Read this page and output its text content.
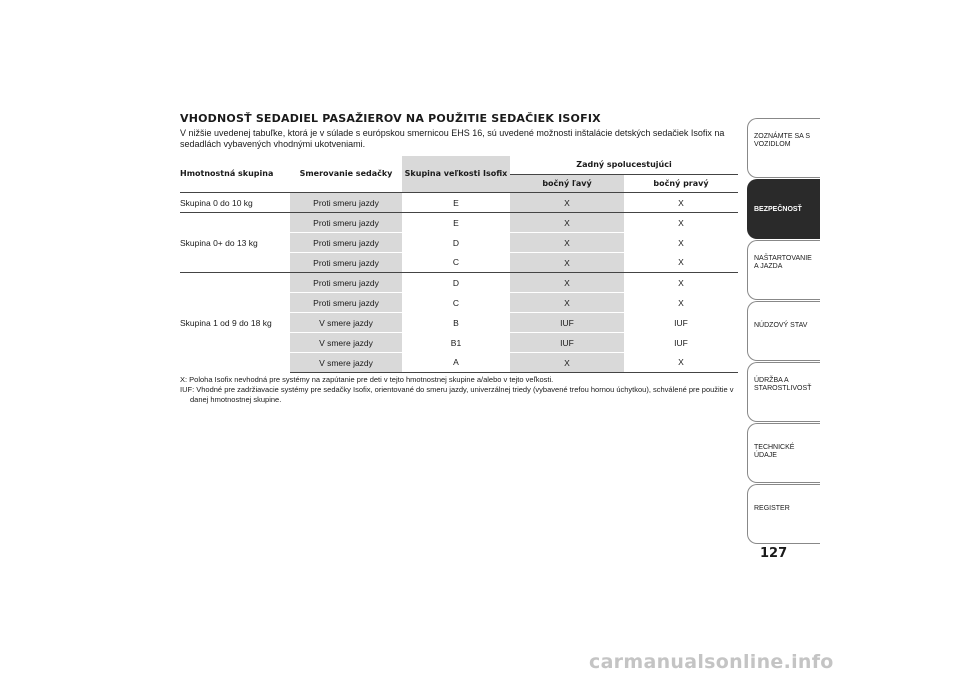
VHODNOSŤ SEDADIEL PASAŽIEROV NA POUŽITIE SEDAČIEK ISOFIX

V nižšie uvedenej tabuľke, ktorá je v súlade s európskou smernicou EHS 16, sú uvedené možnosti inštalácie detských sedačiek Isofix na sedadlách vybavených vhodnými ukotveniami.

Hmotnostná skupina	Smerovanie sedačky	Skupina veľkosti Isofix	Zadný spolucestujúci	
			bočný ľavý	bočný pravý
Skupina 0 do 10 kg	Proti smeru jazdy	E	X	X
Skupina 0+ do 13 kg	Proti smeru jazdy	E	X	X
	Proti smeru jazdy	D	X	X
	Proti smeru jazdy	C	X	X
Skupina 1 od 9 do 18 kg	Proti smeru jazdy	D	X	X
	Proti smeru jazdy	C	X	X
	V smere jazdy	B	IUF	IUF
	V smere jazdy	B1	IUF	IUF
	V smere jazdy	A	X	X
X: Poloha Isofix nevhodná pre systémy na zapútanie pre deti v tejto hmotnostnej skupine a/alebo v tejto veľkosti.
IUF: Vhodné pre zadržiavacie systémy pre sedačky Isofix, orientované do smeru jazdy, univerzálnej triedy (vybavené trefou hornou úchytkou), schválené pre použitie v danej hmotnostnej skupine.
ZOZNÁMTE SA S VOZIDLOM
BEZPEČNOSŤ
NAŠTARTOVANIE A JAZDA
NÚDZOVÝ STAV
ÚDRŽBA A STAROSTLIVOSŤ
TECHNICKÉ ÚDAJE
REGISTER
127
carmanualsonline.info
